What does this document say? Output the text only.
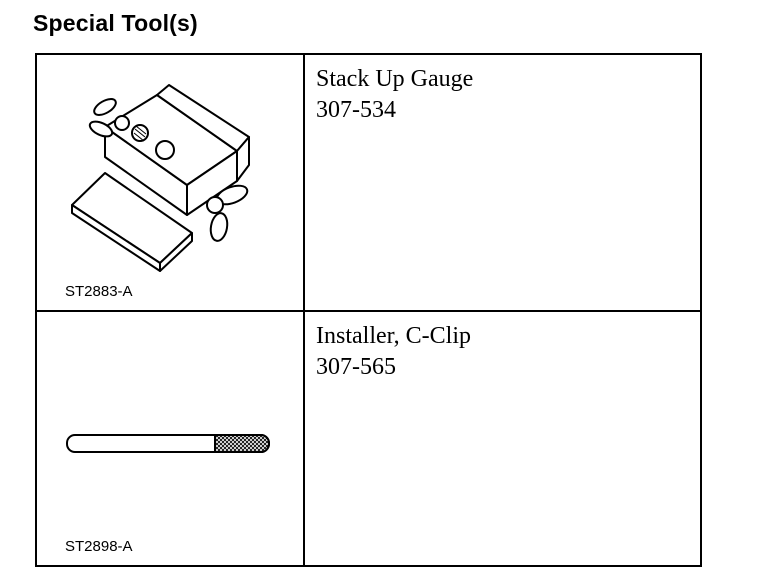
Special Tool(s)
ST2883-A
Stack Up Gauge
307-534
ST2898-A
Installer, C-Clip
307-565
